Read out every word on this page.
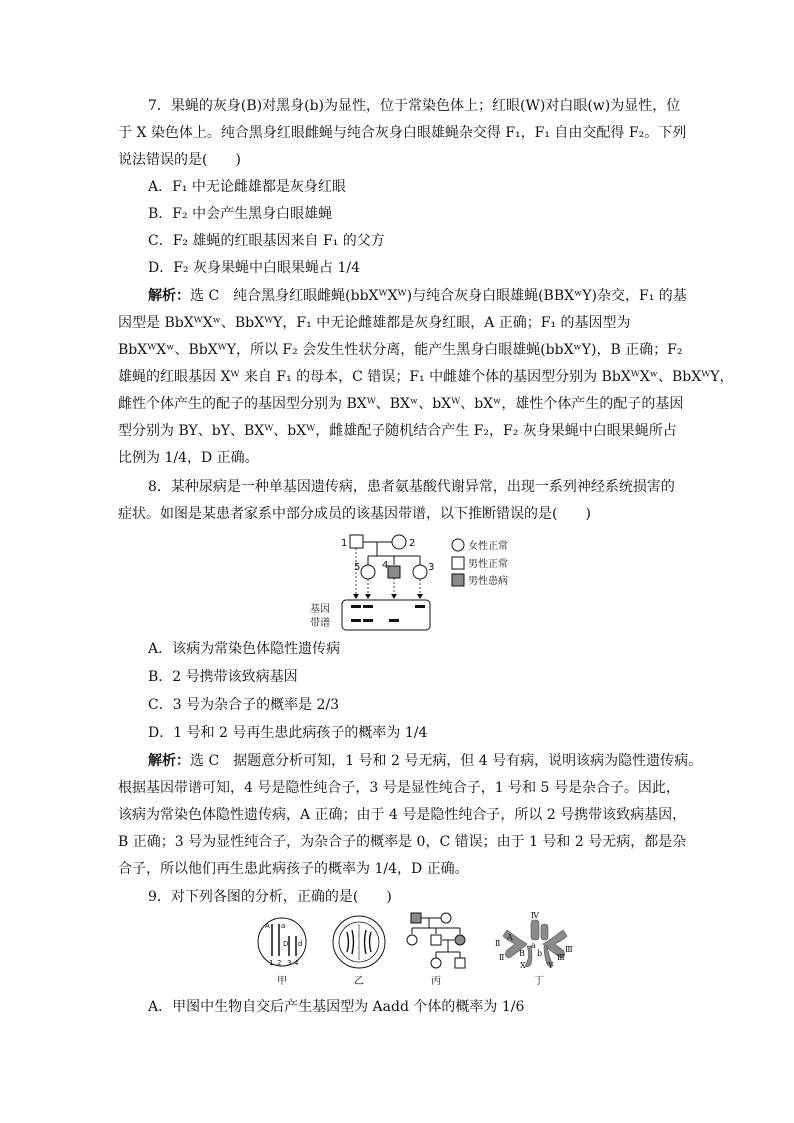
7．果蝇的灰身(B)对黑身(b)为显性，位于常染色体上；红眼(W)对白眼(w)为显性，位
于 X 染色体上。纯合黑身红眼雌蝇与纯合灰身白眼雄蝇杂交得 F₁，F₁ 自由交配得 F₂。下列
说法错误的是(　　)
A．F₁ 中无论雌雄都是灰身红眼
B．F₂ 中会产生黑身白眼雄蝇
C．F₂ 雄蝇的红眼基因来自 F₁ 的父方
D．F₂ 灰身果蝇中白眼果蝇占 1/4
解析：选 C　纯合黑身红眼雌蝇(bbXᵂXᵂ)与纯合灰身白眼雄蝇(BBXʷY)杂交，F₁ 的基
因型是 BbXᵂXʷ、BbXᵂY，F₁ 中无论雌雄都是灰身红眼，A 正确；F₁ 的基因型为
BbXᵂXʷ、BbXᵂY，所以 F₂ 会发生性状分离，能产生黑身白眼雄蝇(bbXʷY)，B 正确；F₂
雄蝇的红眼基因 Xᵂ 来自 F₁ 的母本，C 错误；F₁ 中雌雄个体的基因型分别为 BbXᵂXʷ、BbXᵂY，
雌性个体产生的配子的基因型分别为 BXᵂ、BXʷ、bXᵂ、bXʷ，雄性个体产生的配子的基因
型分别为 BY、bY、BXᵂ、bXᵂ，雌雄配子随机结合产生 F₂，F₂ 灰身果蝇中白眼果蝇所占
比例为 1/4，D 正确。
8．某种尿病是一种单基因遗传病，患者氨基酸代谢异常，出现一系列神经系统损害的
症状。如图是某患者家系中部分成员的该基因带谱，以下推断错误的是(　　)
1	2
5 4	3
基因
带谱
女性正常
男性正常
男性患病
A．该病为常染色体隐性遗传病
B．2 号携带该致病基因
C．3 号为杂合子的概率是 2/3
D．1 号和 2 号再生患此病孩子的概率为 1/4
解析：选 C　据题意分析可知，1 号和 2 号无病，但 4 号有病，说明该病为隐性遗传病。
根据基因带谱可知，4 号是隐性纯合子，3 号是显性纯合子，1 号和 5 号是杂合子。因此，
该病为常染色体隐性遗传病，A 正确；由于 4 号是隐性纯合子，所以 2 号携带该致病基因，
B 正确；3 号为显性纯合子，为杂合子的概率是 0，C 错误；由于 1 号和 2 号无病，都是杂
合子，所以他们再生患此病孩子的概率为 1/4，D 正确。
9．对下列各图的分析，正确的是(　　)
A a
1 2
D d
3 4
甲	乙	丙
Ⅳ
Ⅱ
Ⅱ
Ⅲ
Ⅲ
A
a
B b
X	Y
丁
A．甲图中生物自交后产生基因型为 Aadd 个体的概率为 1/6
